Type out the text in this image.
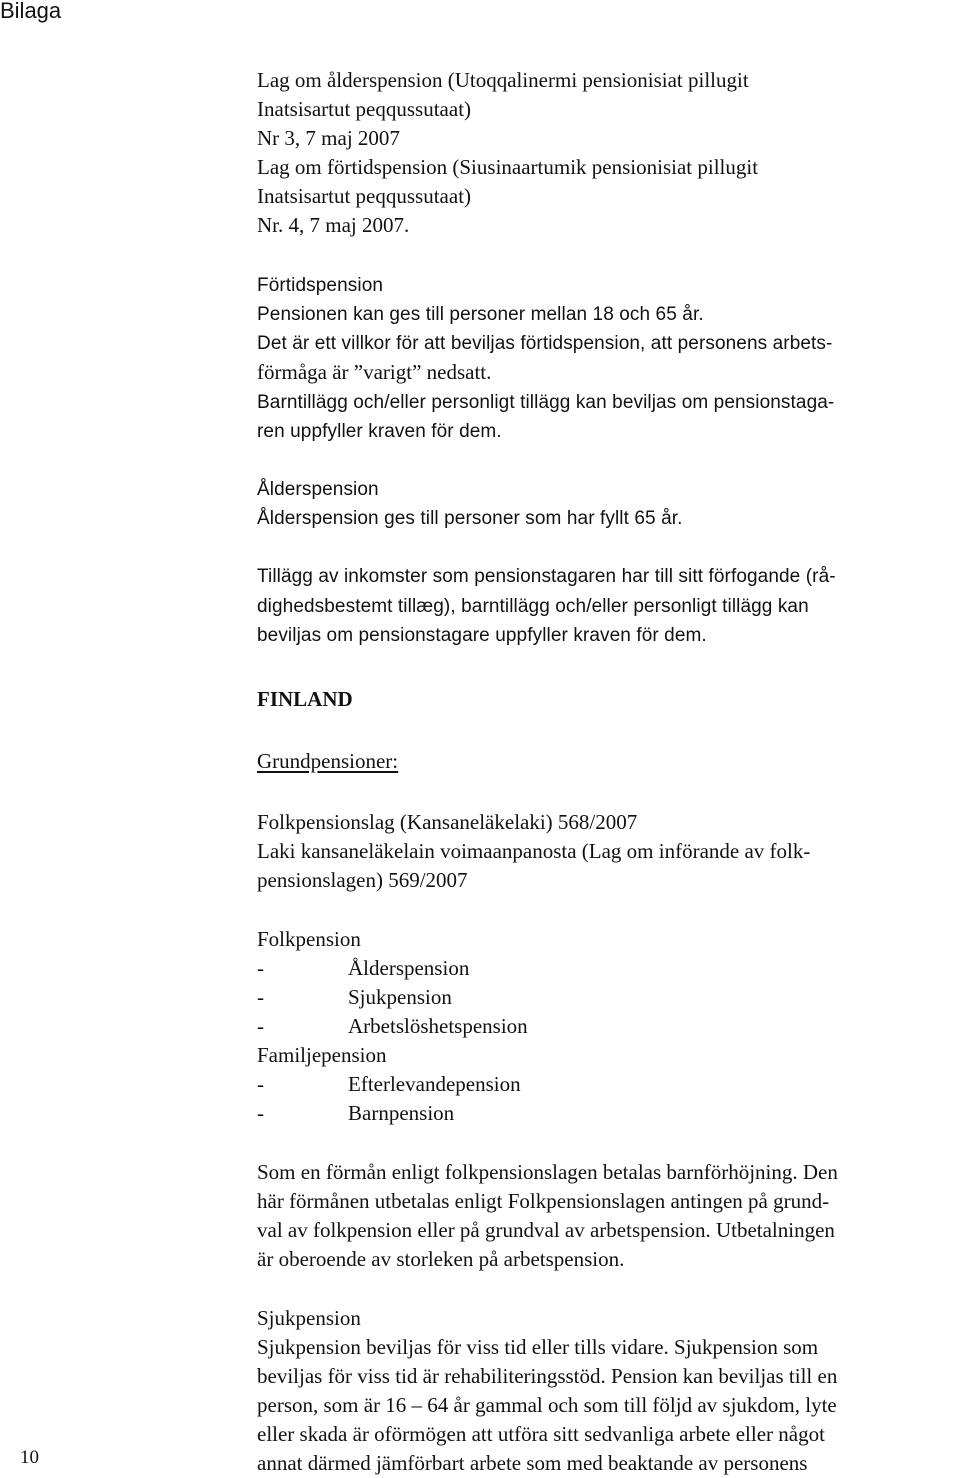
Bilaga
Lag om ålderspension (Utoqqalinermi pensionisiat pillugit
Inatsisartut peqqussutaat)
Nr 3, 7 maj 2007
Lag om förtidspension (Siusinaartumik pensionisiat pillugit
Inatsisartut peqqussutaat)
Nr. 4, 7 maj 2007.
Förtidspension
Pensionen kan ges till personer mellan 18 och 65 år.
Det är ett villkor för att beviljas förtidspension, att personens arbets-
förmåga är ”varigt” nedsatt.
Barntillägg och/eller personligt tillägg kan beviljas om pensionstaga-
ren uppfyller kraven för dem.
Ålderspension
Ålderspension ges till personer som har fyllt 65 år.
Tillägg av inkomster som pensionstagaren har till sitt förfogande (rå-
dighedsbestemt tillæg), barntillägg och/eller personligt tillägg kan
beviljas om pensionstagare uppfyller kraven för dem.
FINLAND
Grundpensioner:
Folkpensionslag (Kansaneläkelaki) 568/2007
Laki kansaneläkelain voimaanpanosta (Lag om införande av folk-
pensionslagen) 569/2007
Folkpension
-	Ålderspension
-	Sjukpension
-	Arbetslöshetspension
Familjepension
-	Efterlevandepension
-	Barnpension
Som en förmån enligt folkpensionslagen betalas barnförhöjning. Den
här förmånen utbetalas enligt Folkpensionslagen antingen på grund-
val av folkpension eller på grundval av arbetspension. Utbetalningen
är oberoende av storleken på arbetspension.
Sjukpension
Sjukpension beviljas för viss tid eller tills vidare. Sjukpension som
beviljas för viss tid är rehabiliteringsstöd. Pension kan beviljas till en
person, som är 16 – 64 år gammal och som till följd av sjukdom, lyte
eller skada är oförmögen att utföra sitt sedvanliga arbete eller något
annat därmed jämförbart arbete som med beaktande av personens
10
